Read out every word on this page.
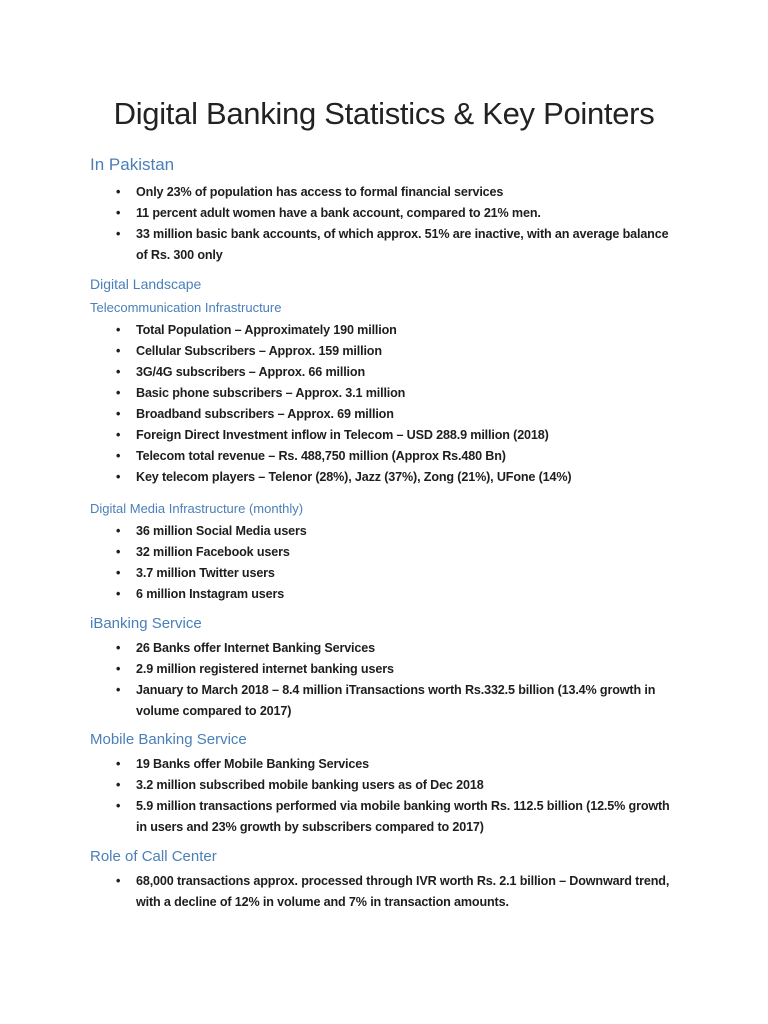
Digital Banking Statistics & Key Pointers
In Pakistan
• Only 23% of population has access to formal financial services
• 11 percent adult women have a bank account, compared to 21% men.
• 33 million basic bank accounts, of which approx. 51% are inactive, with an average balance of Rs. 300 only
Digital Landscape
Telecommunication Infrastructure
• Total Population – Approximately 190 million
• Cellular Subscribers – Approx. 159 million
• 3G/4G subscribers – Approx. 66 million
• Basic phone subscribers – Approx. 3.1 million
• Broadband subscribers – Approx. 69 million
• Foreign Direct Investment inflow in Telecom – USD 288.9 million (2018)
• Telecom total revenue – Rs. 488,750 million (Approx Rs.480 Bn)
• Key telecom players – Telenor (28%), Jazz (37%), Zong (21%), UFone (14%)
Digital Media Infrastructure (monthly)
• 36 million Social Media users
• 32 million Facebook users
• 3.7 million Twitter users
• 6 million Instagram users
iBanking Service
• 26 Banks offer Internet Banking Services
• 2.9 million registered internet banking users
• January to March 2018 – 8.4 million iTransactions worth Rs.332.5 billion (13.4% growth in volume compared to 2017)
Mobile Banking Service
• 19 Banks offer Mobile Banking Services
• 3.2 million subscribed mobile banking users as of Dec 2018
• 5.9 million transactions performed via mobile banking worth Rs. 112.5 billion (12.5% growth in users and 23% growth by subscribers compared to 2017)
Role of Call Center
• 68,000 transactions approx. processed through IVR worth Rs. 2.1 billion – Downward trend, with a decline of 12% in volume and 7% in transaction amounts.
